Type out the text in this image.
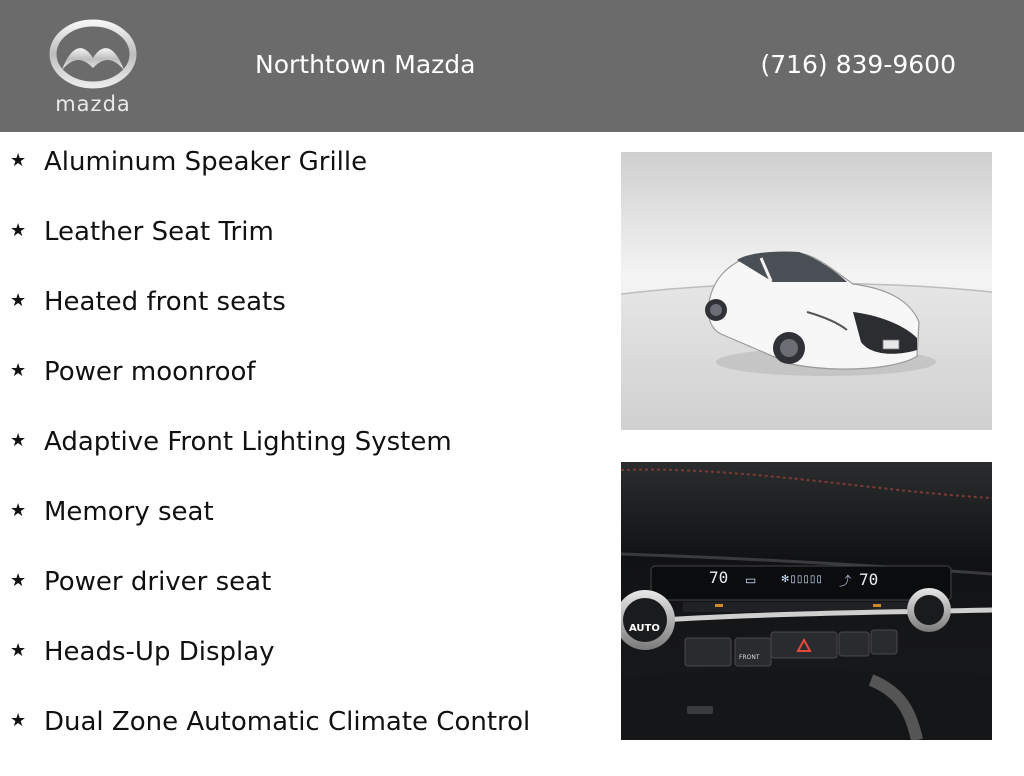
mazda
Northtown Mazda	(716) 839-9600
★ Aluminum Speaker Grille
★ Leather Seat Trim
★ Heated front seats
★ Power moonroof
★ Adaptive Front Lighting System
★ Memory seat
★ Power driver seat
★ Heads-Up Display
★ Dual Zone Automatic Climate Control
70	70
▭ ✻▯▯▯▯▯ ⤴
AUTO
FRONT
